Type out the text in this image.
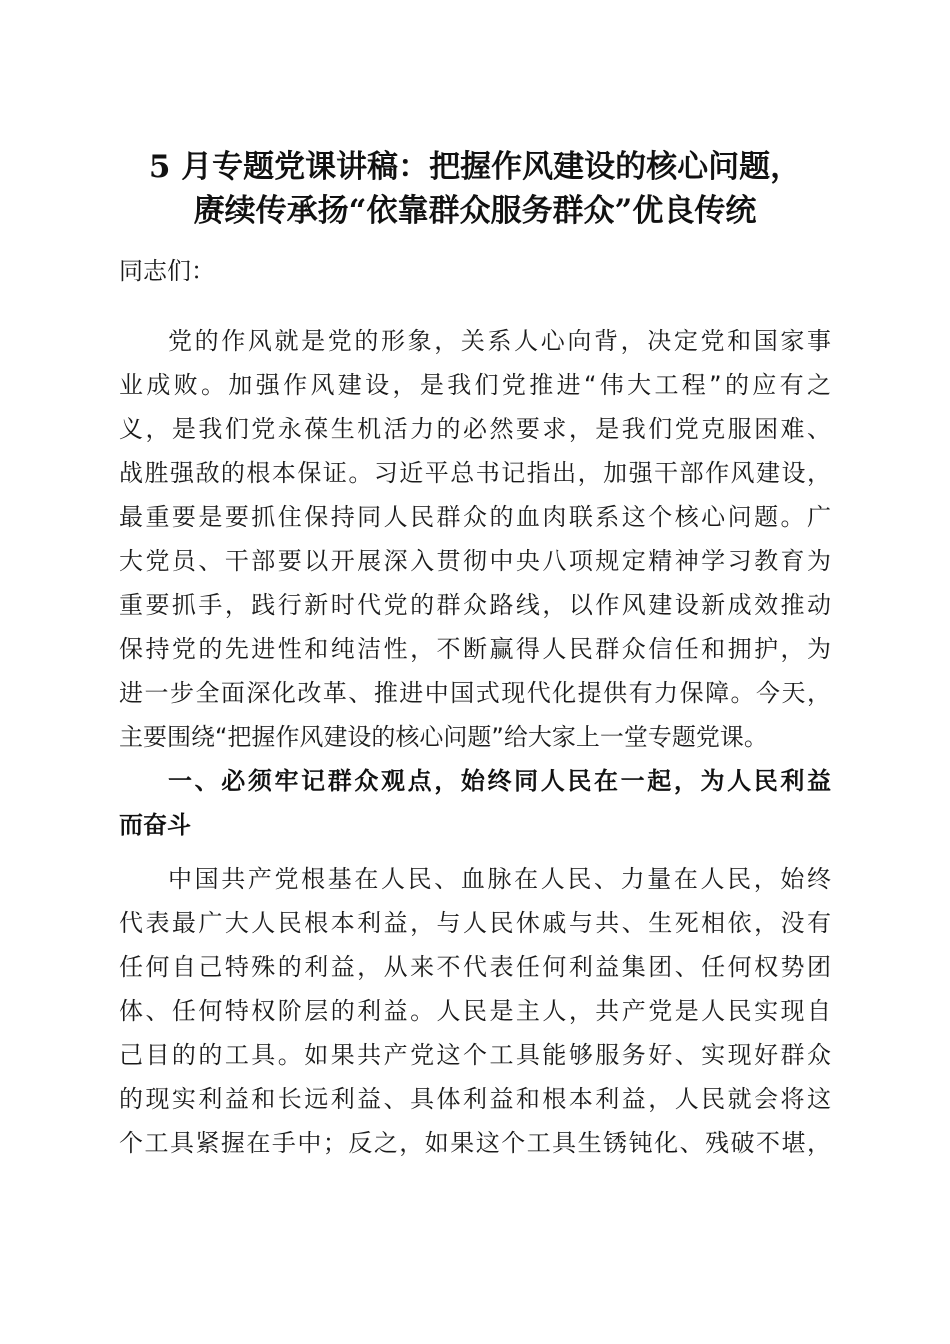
5 月专题党课讲稿：把握作风建设的核心问题，
赓续传承扬“依靠群众服务群众”优良传统
同志们：
党的作风就是党的形象，关系人心向背，决定党和国家事
业成败。加强作风建设，是我们党推进“伟大工程”的应有之
义，是我们党永葆生机活力的必然要求，是我们党克服困难、
战胜强敌的根本保证。习近平总书记指出，加强干部作风建设，
最重要是要抓住保持同人民群众的血肉联系这个核心问题。广
大党员、干部要以开展深入贯彻中央八项规定精神学习教育为
重要抓手，践行新时代党的群众路线，以作风建设新成效推动
保持党的先进性和纯洁性，不断赢得人民群众信任和拥护，为
进一步全面深化改革、推进中国式现代化提供有力保障。今天，
主要围绕“把握作风建设的核心问题”给大家上一堂专题党课。
一、必须牢记群众观点，始终同人民在一起，为人民利益
而奋斗
中国共产党根基在人民、血脉在人民、力量在人民，始终
代表最广大人民根本利益，与人民休戚与共、生死相依，没有
任何自己特殊的利益，从来不代表任何利益集团、任何权势团
体、任何特权阶层的利益。人民是主人，共产党是人民实现自
己目的的工具。如果共产党这个工具能够服务好、实现好群众
的现实利益和长远利益、具体利益和根本利益，人民就会将这
个工具紧握在手中；反之，如果这个工具生锈钝化、残破不堪，
